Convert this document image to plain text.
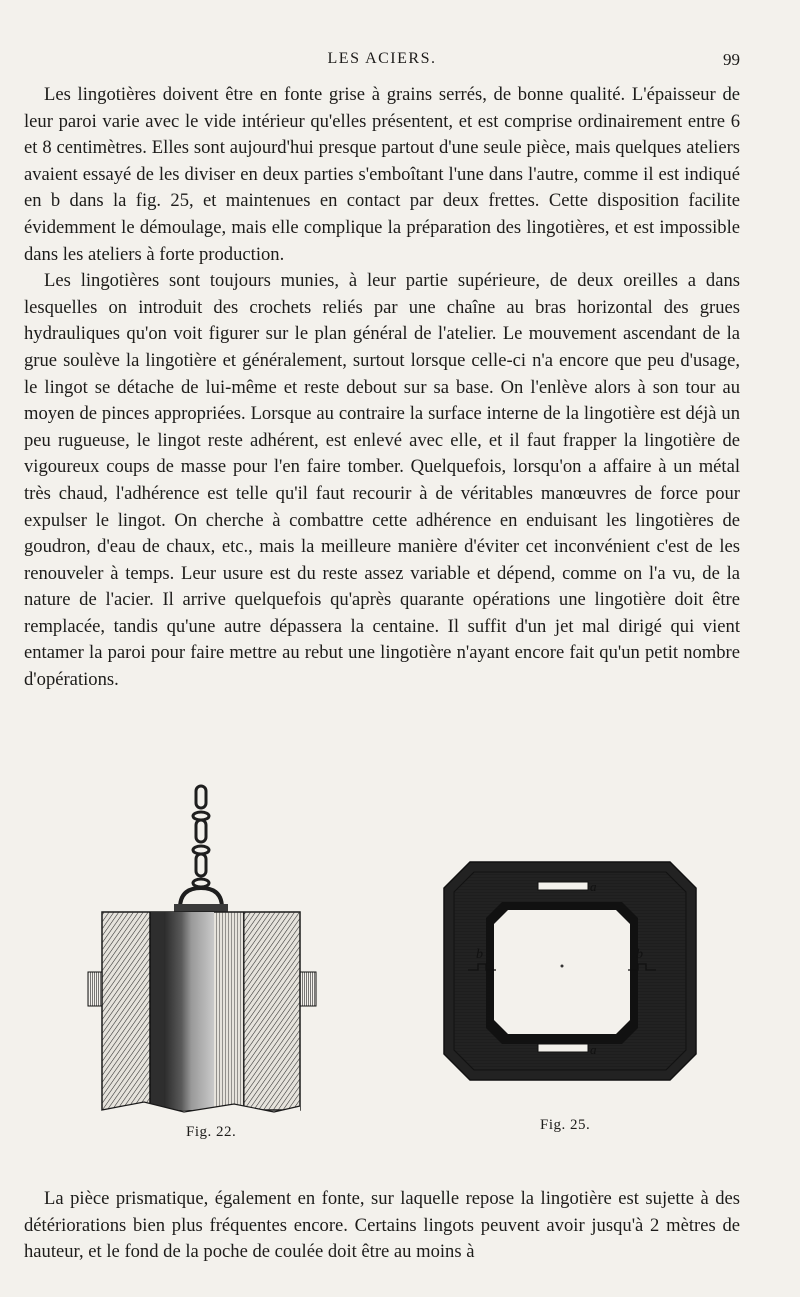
LES ACIERS.	99

Les lingotières doivent être en fonte grise à grains serrés, de bonne qualité. L'épaisseur de leur paroi varie avec le vide intérieur qu'elles présentent, et est comprise ordinairement entre 6 et 8 centimètres. Elles sont aujourd'hui presque partout d'une seule pièce, mais quelques ateliers avaient essayé de les diviser en deux parties s'emboîtant l'une dans l'autre, comme il est indiqué en b dans la fig. 25, et maintenues en contact par deux frettes. Cette disposition facilite évidemment le démoulage, mais elle complique la préparation des lingotières, et est impossible dans les ateliers à forte production.

Les lingotières sont toujours munies, à leur partie supérieure, de deux oreilles a dans lesquelles on introduit des crochets reliés par une chaîne au bras horizontal des grues hydrauliques qu'on voit figurer sur le plan général de l'atelier. Le mouvement ascendant de la grue soulève la lingotière et généralement, surtout lorsque celle-ci n'a encore que peu d'usage, le lingot se détache de lui-même et reste debout sur sa base. On l'enlève alors à son tour au moyen de pinces appropriées. Lorsque au contraire la surface interne de la lingotière est déjà un peu rugueuse, le lingot reste adhérent, est enlevé avec elle, et il faut frapper la lingotière de vigoureux coups de masse pour l'en faire tomber. Quelquefois, lorsqu'on a affaire à un métal très chaud, l'adhérence est telle qu'il faut recourir à de véritables manœuvres de force pour expulser le lingot. On cherche à combattre cette adhérence en enduisant les lingotières de goudron, d'eau de chaux, etc., mais la meilleure manière d'éviter cet inconvénient c'est de les renouveler à temps. Leur usure est du reste assez variable et dépend, comme on l'a vu, de la nature de l'acier. Il arrive quelquefois qu'après quarante opérations une lingotière doit être remplacée, tandis qu'une autre dépassera la centaine. Il suffit d'un jet mal dirigé qui vient entamer la paroi pour faire mettre au rebut une lingotière n'ayant encore fait qu'un petit nombre d'opérations.

Fig. 22.
a
a
b	b
Fig. 25.

La pièce prismatique, également en fonte, sur laquelle repose la lingotière est sujette à des détériorations bien plus fréquentes encore. Certains lingots peuvent avoir jusqu'à 2 mètres de hauteur, et le fond de la poche de coulée doit être au moins à
